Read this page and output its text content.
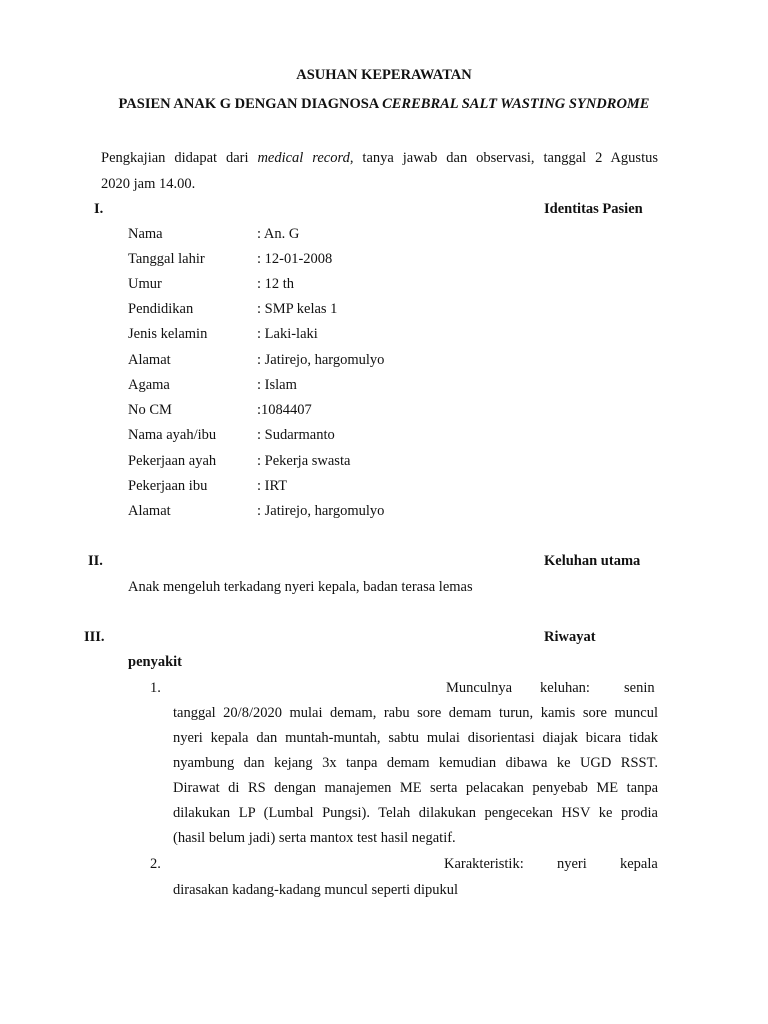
ASUHAN KEPERAWATAN
PASIEN ANAK G DENGAN DIAGNOSA CEREBRAL SALT WASTING SYNDROME
Pengkajian didapat dari medical record, tanya jawab dan observasi, tanggal 2 Agustus
2020 jam 14.00.
I.	Identitas Pasien
Nama	: An. G
Tanggal lahir	: 12-01-2008
Umur	: 12 th
Pendidikan	: SMP kelas 1
Jenis kelamin	: Laki-laki
Alamat	: Jatirejo, hargomulyo
Agama	: Islam
No CM	:1084407
Nama ayah/ibu	: Sudarmanto
Pekerjaan ayah	: Pekerja swasta
Pekerjaan ibu	: IRT
Alamat	: Jatirejo, hargomulyo
II.	Keluhan utama
Anak mengeluh terkadang nyeri kepala, badan terasa lemas
III.	Riwayat
penyakit
1.	Munculnya keluhan: senin
tanggal 20/8/2020 mulai demam, rabu sore demam turun, kamis sore muncul
nyeri kepala dan muntah-muntah, sabtu mulai disorientasi diajak bicara tidak
nyambung dan kejang 3x tanpa demam kemudian dibawa ke UGD RSST.
Dirawat di RS dengan manajemen ME serta pelacakan penyebab ME tanpa
dilakukan LP (Lumbal Pungsi). Telah dilakukan pengecekan HSV ke prodia
(hasil belum jadi) serta mantox test hasil negatif.
2.	Karakteristik: nyeri kepala
dirasakan kadang-kadang muncul seperti dipukul
